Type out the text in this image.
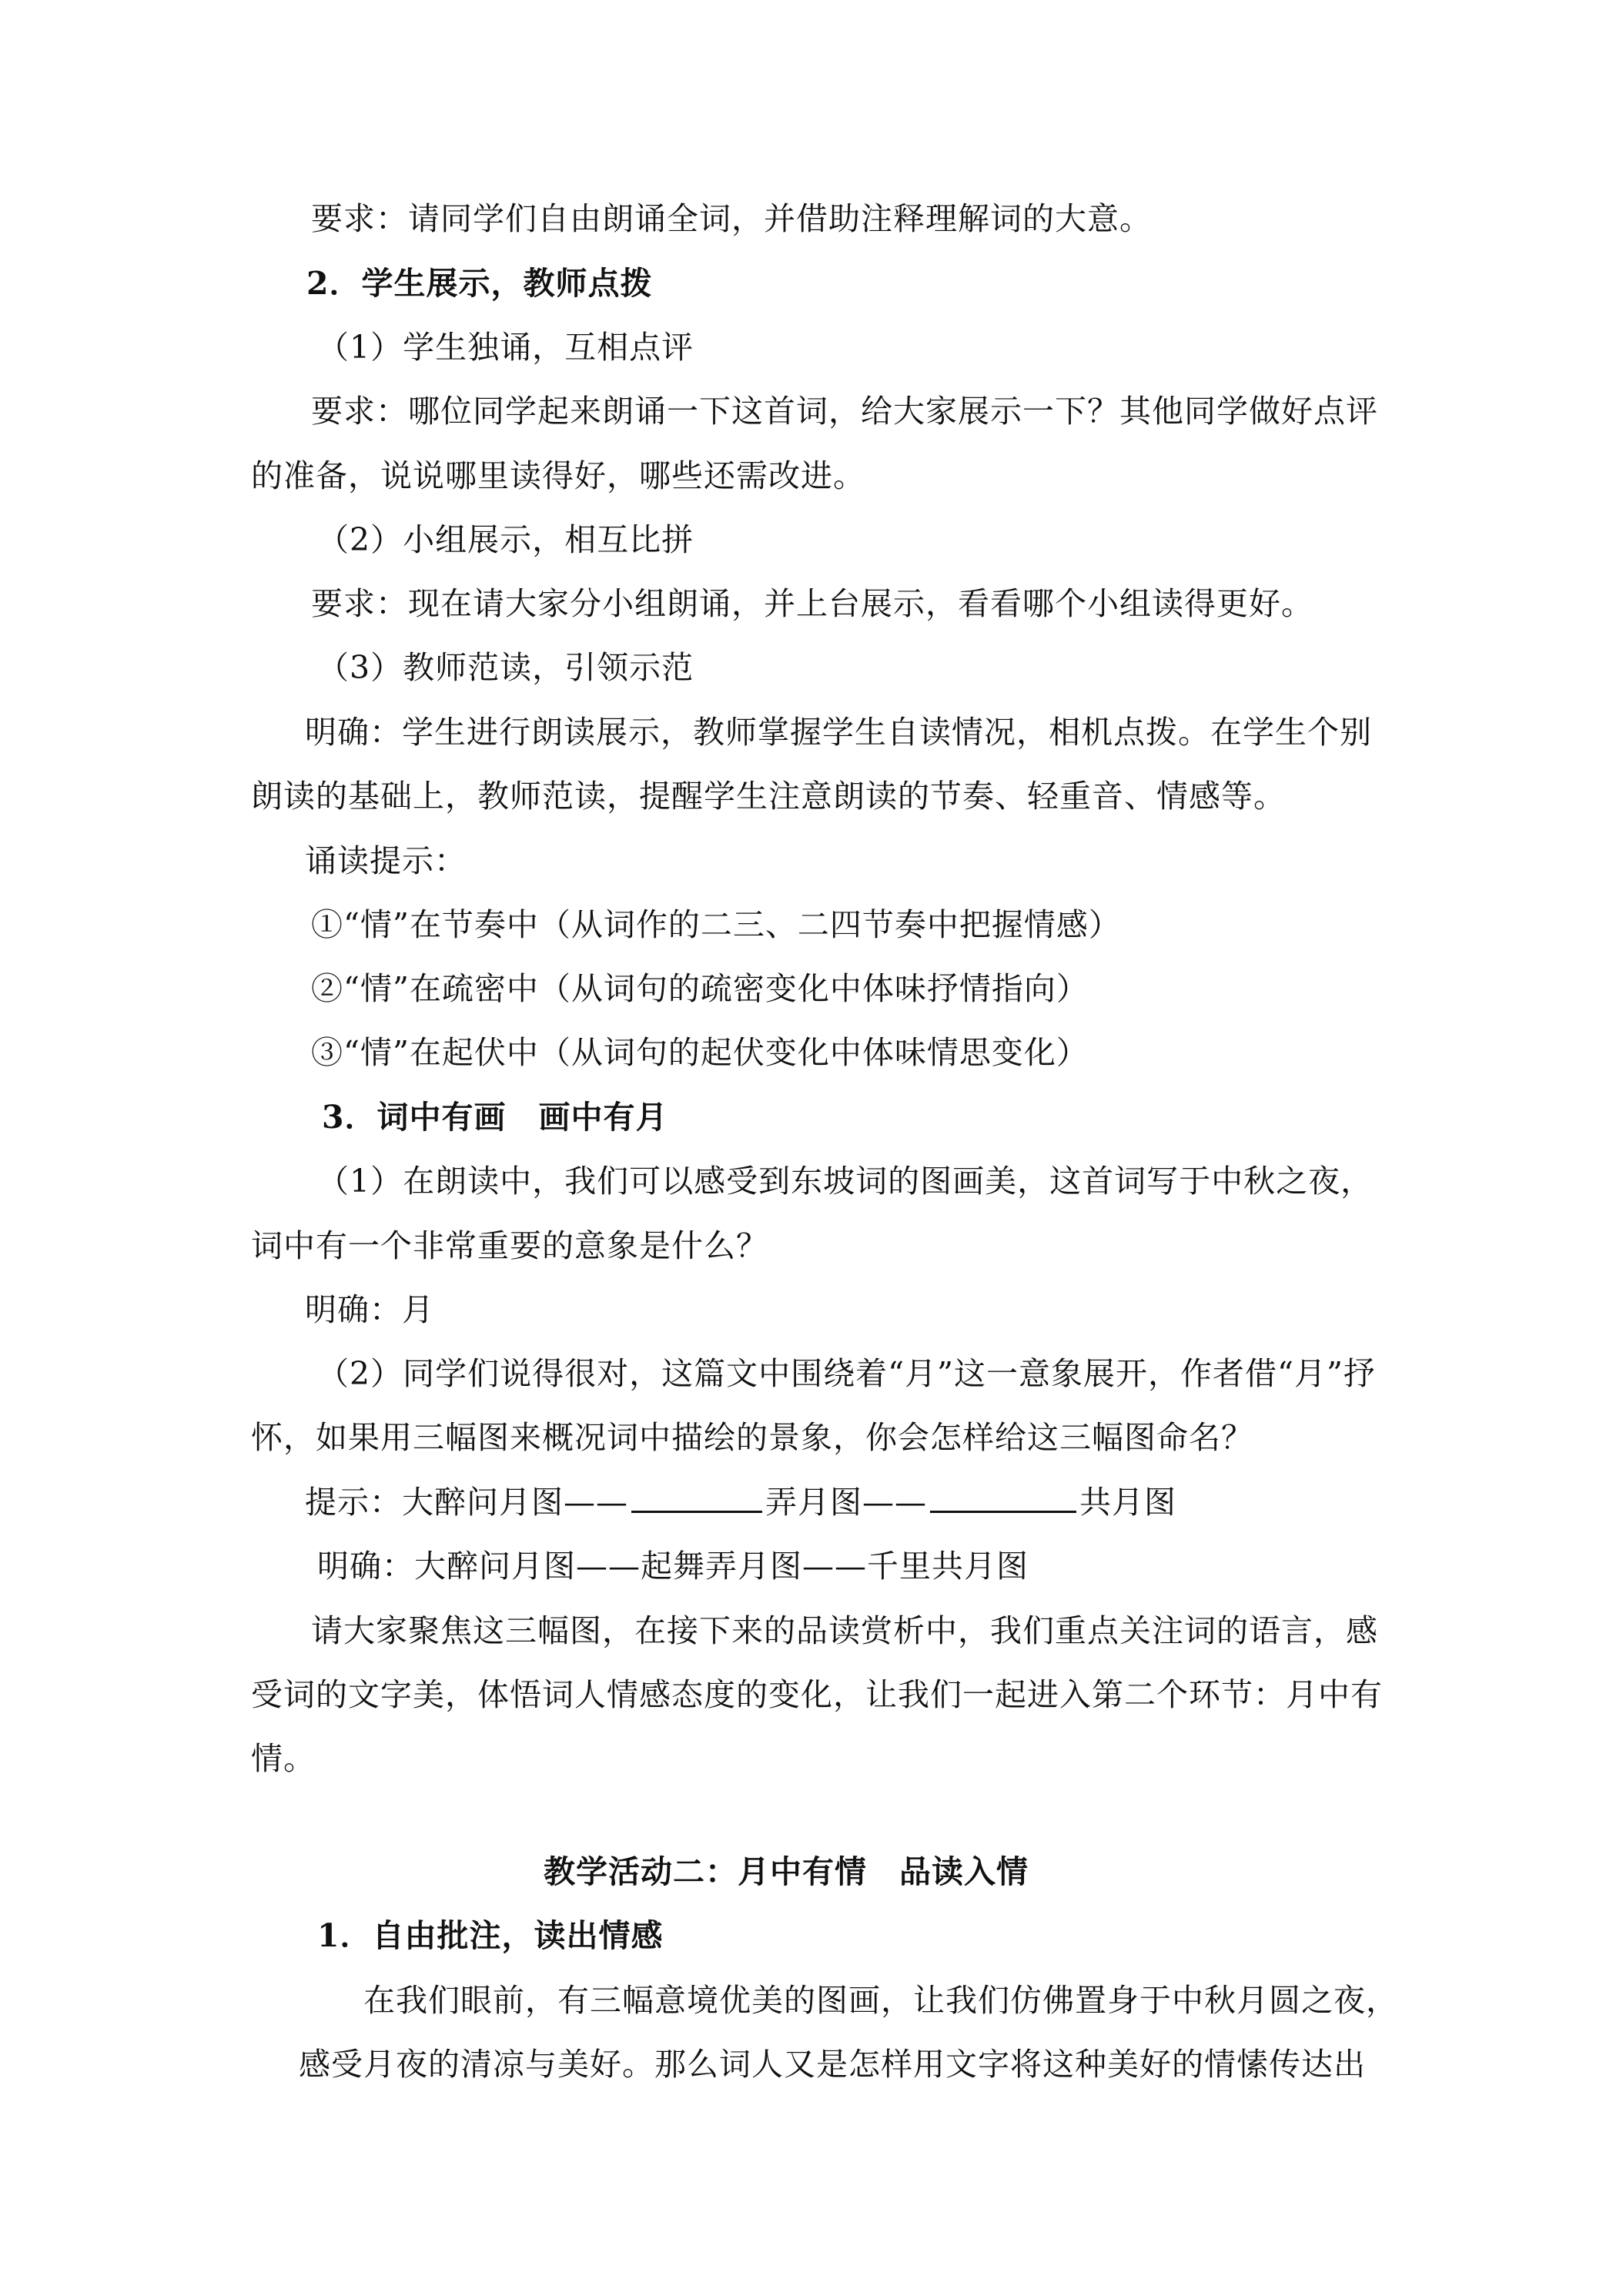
要求：请同学们自由朗诵全词，并借助注释理解词的大意。
2．学生展示，教师点拨
（1）学生独诵，互相点评
要求：哪位同学起来朗诵一下这首词，给大家展示一下？其他同学做好点评
的准备，说说哪里读得好，哪些还需改进。
（2）小组展示，相互比拼
要求：现在请大家分小组朗诵，并上台展示，看看哪个小组读得更好。
（3）教师范读，引领示范
明确：学生进行朗读展示，教师掌握学生自读情况，相机点拨。在学生个别
朗读的基础上，教师范读，提醒学生注意朗读的节奏、轻重音、情感等。
诵读提示：
①“情”在节奏中（从词作的二三、二四节奏中把握情感）
②“情”在疏密中（从词句的疏密变化中体味抒情指向）
③“情”在起伏中（从词句的起伏变化中体味情思变化）
3．词中有画　画中有月
（1）在朗读中，我们可以感受到东坡词的图画美，这首词写于中秋之夜，
词中有一个非常重要的意象是什么？
明确：月
（2）同学们说得很对，这篇文中围绕着“月”这一意象展开，作者借“月”抒
怀，如果用三幅图来概况词中描绘的景象，你会怎样给这三幅图命名？
提示：大醉问月图——	弄月图——	共月图
明确：大醉问月图——起舞弄月图——千里共月图
请大家聚焦这三幅图，在接下来的品读赏析中，我们重点关注词的语言，感
受词的文字美，体悟词人情感态度的变化，让我们一起进入第二个环节：月中有
情。
教学活动二：月中有情　品读入情
1．自由批注，读出情感
在我们眼前，有三幅意境优美的图画，让我们仿佛置身于中秋月圆之夜，
感受月夜的清凉与美好。那么词人又是怎样用文字将这种美好的情愫传达出
